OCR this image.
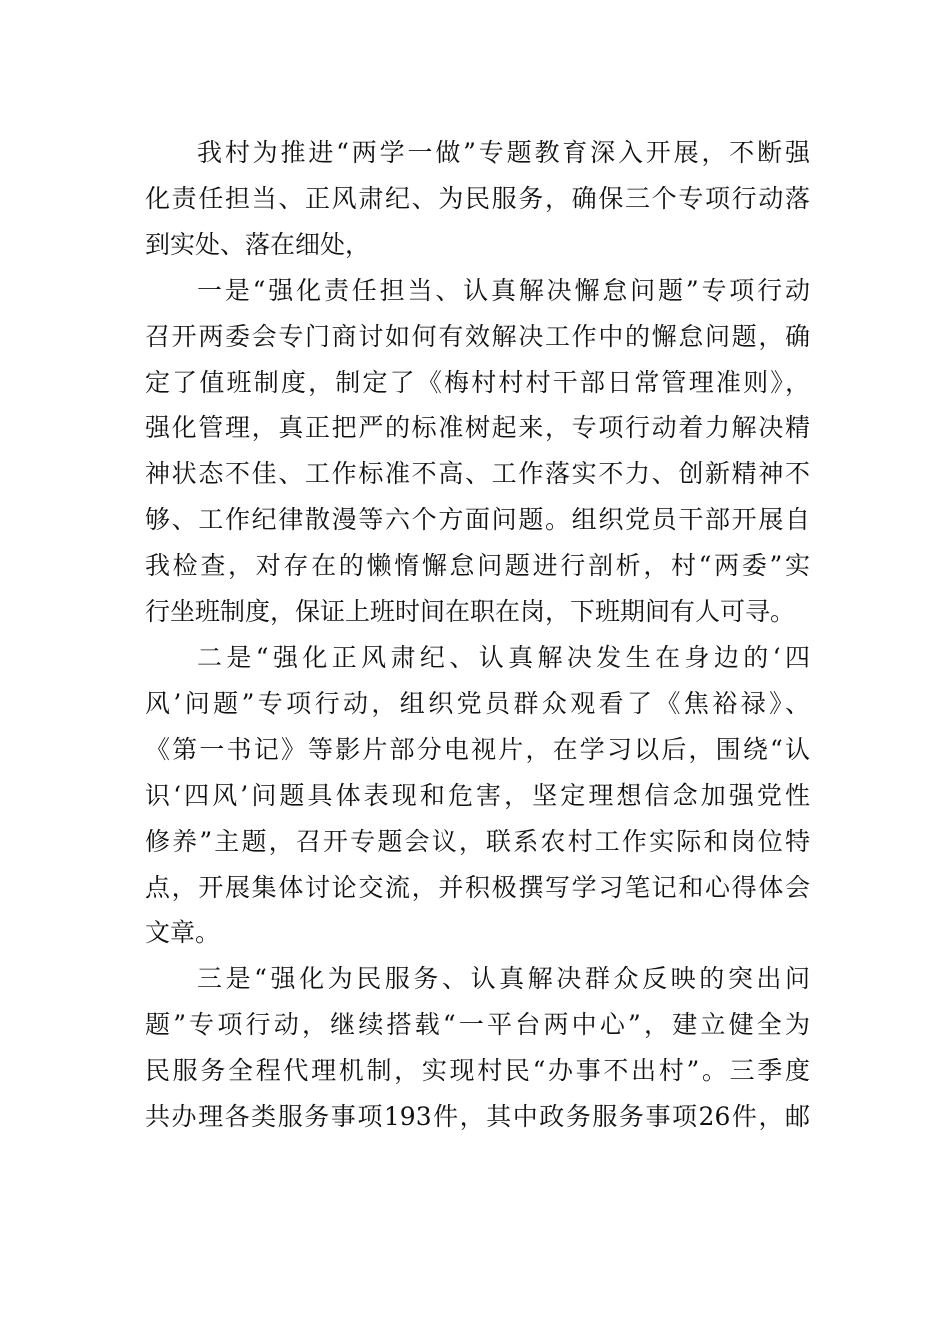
我村为推进“两学一做”专题教育深入开展，不断强
化责任担当、正风肃纪、为民服务，确保三个专项行动落
到实处、落在细处，
一是“强化责任担当、认真解决懈怠问题”专项行动
召开两委会专门商讨如何有效解决工作中的懈怠问题，确
定了值班制度，制定了《梅村村村干部日常管理准则》，
强化管理，真正把严的标准树起来，专项行动着力解决精
神状态不佳、工作标准不高、工作落实不力、创新精神不
够、工作纪律散漫等六个方面问题。组织党员干部开展自
我检查，对存在的懒惰懈怠问题进行剖析，村“两委”实
行坐班制度，保证上班时间在职在岗，下班期间有人可寻。
二是“强化正风肃纪、认真解决发生在身边的‘四
风’问题”专项行动，组织党员群众观看了《焦裕禄》、
《第一书记》等影片部分电视片，在学习以后，围绕“认
识‘四风’问题具体表现和危害，坚定理想信念加强党性
修养”主题，召开专题会议，联系农村工作实际和岗位特
点，开展集体讨论交流，并积极撰写学习笔记和心得体会
文章。
三是“强化为民服务、认真解决群众反映的突出问
题”专项行动，继续搭载“一平台两中心”，建立健全为
民服务全程代理机制，实现村民“办事不出村”。三季度
共办理各类服务事项193件，其中政务服务事项26件，邮
